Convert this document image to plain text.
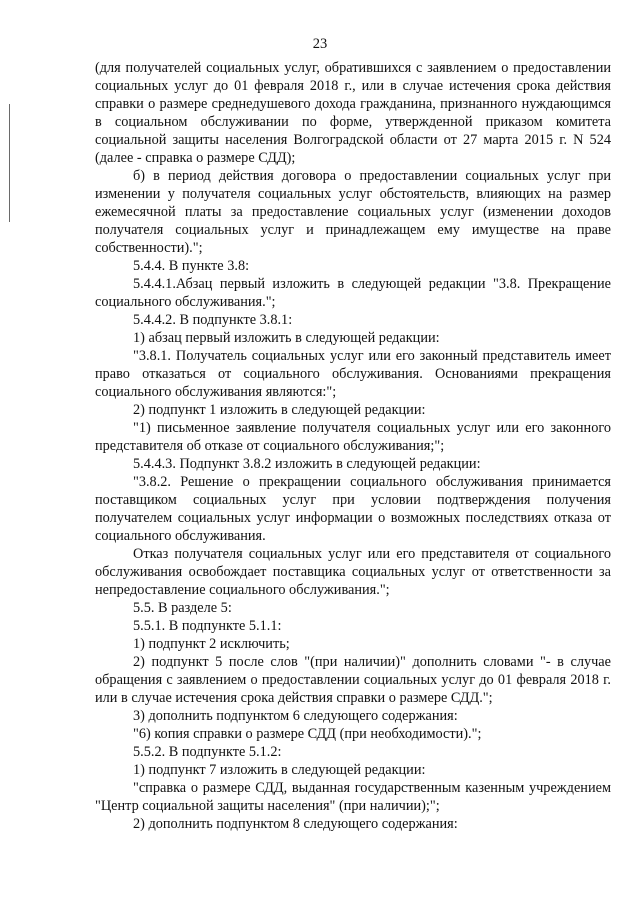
23

(для получателей социальных услуг, обратившихся с заявлением о предоставлении социальных услуг до 01 февраля 2018 г., или в случае истечения срока действия справки о размере среднедушевого дохода гражданина, признанного нуждающимся в социальном обслуживании по форме, утвержденной приказом комитета социальной защиты населения Волгоградской области от 27 марта 2015 г. N 524 (далее - справка о размере СДД);

б) в период действия договора о предоставлении социальных услуг при изменении у получателя социальных услуг обстоятельств, влияющих на размер ежемесячной платы за предоставление социальных услуг (изменении доходов получателя социальных услуг и принадлежащем ему имуществе на праве собственности).";

5.4.4. В пункте 3.8:

5.4.4.1.Абзац первый изложить в следующей редакции "3.8. Прекращение социального обслуживания.";

5.4.4.2. В подпункте 3.8.1:

1) абзац первый изложить в следующей редакции:

"3.8.1. Получатель социальных услуг или его законный представитель имеет право отказаться от социального обслуживания. Основаниями прекращения социального обслуживания являются:";

2) подпункт 1 изложить в следующей редакции:

"1) письменное заявление получателя социальных услуг или его законного представителя об отказе от социального обслуживания;";

5.4.4.3. Подпункт 3.8.2 изложить в следующей редакции:

"3.8.2. Решение о прекращении социального обслуживания принимается поставщиком социальных услуг при условии подтверждения получения получателем социальных услуг информации о возможных последствиях отказа от социального обслуживания.

Отказ получателя социальных услуг или его представителя от социального обслуживания освобождает поставщика социальных услуг от ответственности за непредоставление социального обслуживания.";

5.5. В разделе 5:

5.5.1. В подпункте 5.1.1:

1) подпункт 2 исключить;

2) подпункт 5 после слов "(при наличии)" дополнить словами "- в случае обращения с заявлением о предоставлении социальных услуг до 01 февраля 2018 г. или в случае истечения срока действия справки о размере СДД.";

3) дополнить подпунктом 6 следующего содержания:

"6) копия справки о размере СДД (при необходимости).";

5.5.2. В подпункте 5.1.2:

1) подпункт 7 изложить в следующей редакции:

"справка о размере СДД, выданная государственным казенным учреждением "Центр социальной защиты населения" (при наличии);";

2) дополнить подпунктом 8 следующего содержания:
